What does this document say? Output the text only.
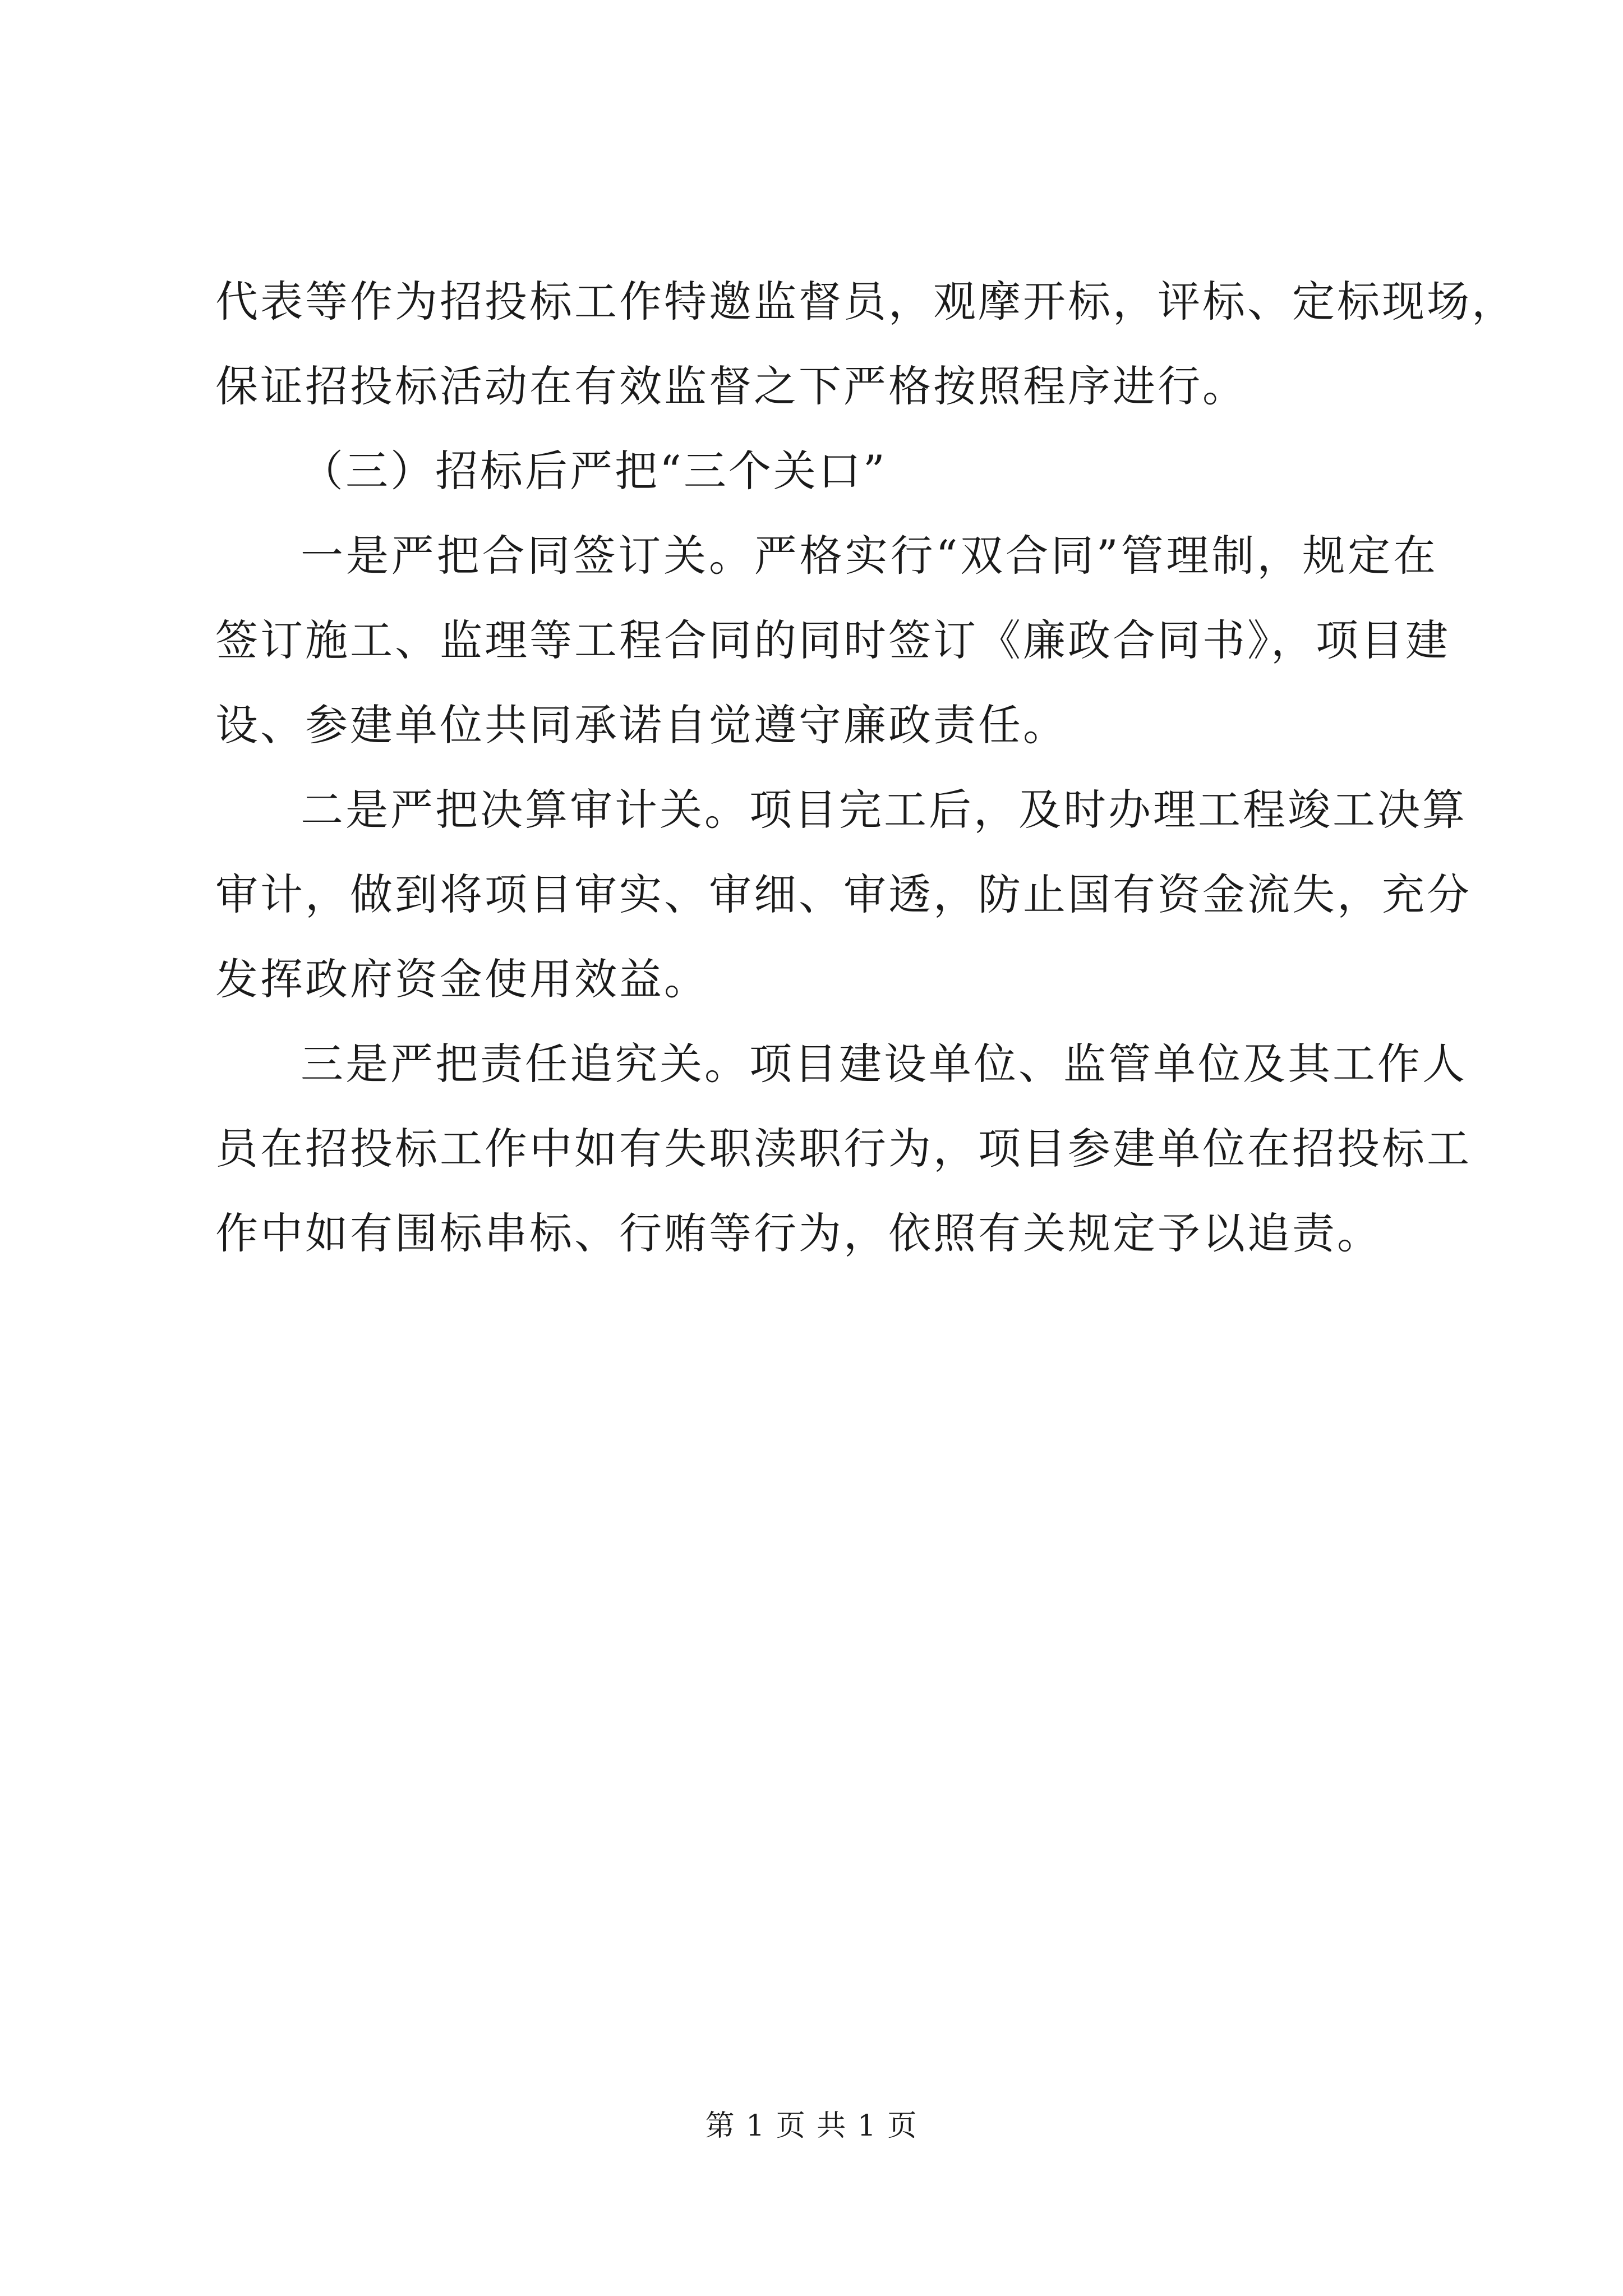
代表等作为招投标工作特邀监督员，观摩开标，评标、定标现场，
保证招投标活动在有效监督之下严格按照程序进行。
（三）招标后严把“三个关口”
一是严把合同签订关。严格实行“双合同”管理制，规定在
签订施工、监理等工程合同的同时签订《廉政合同书》，项目建
设、参建单位共同承诺自觉遵守廉政责任。
二是严把决算审计关。项目完工后，及时办理工程竣工决算
审计，做到将项目审实、审细、审透，防止国有资金流失，充分
发挥政府资金使用效益。
三是严把责任追究关。项目建设单位、监管单位及其工作人
员在招投标工作中如有失职渎职行为，项目参建单位在招投标工
作中如有围标串标、行贿等行为，依照有关规定予以追责。
第 1 页 共 1 页
